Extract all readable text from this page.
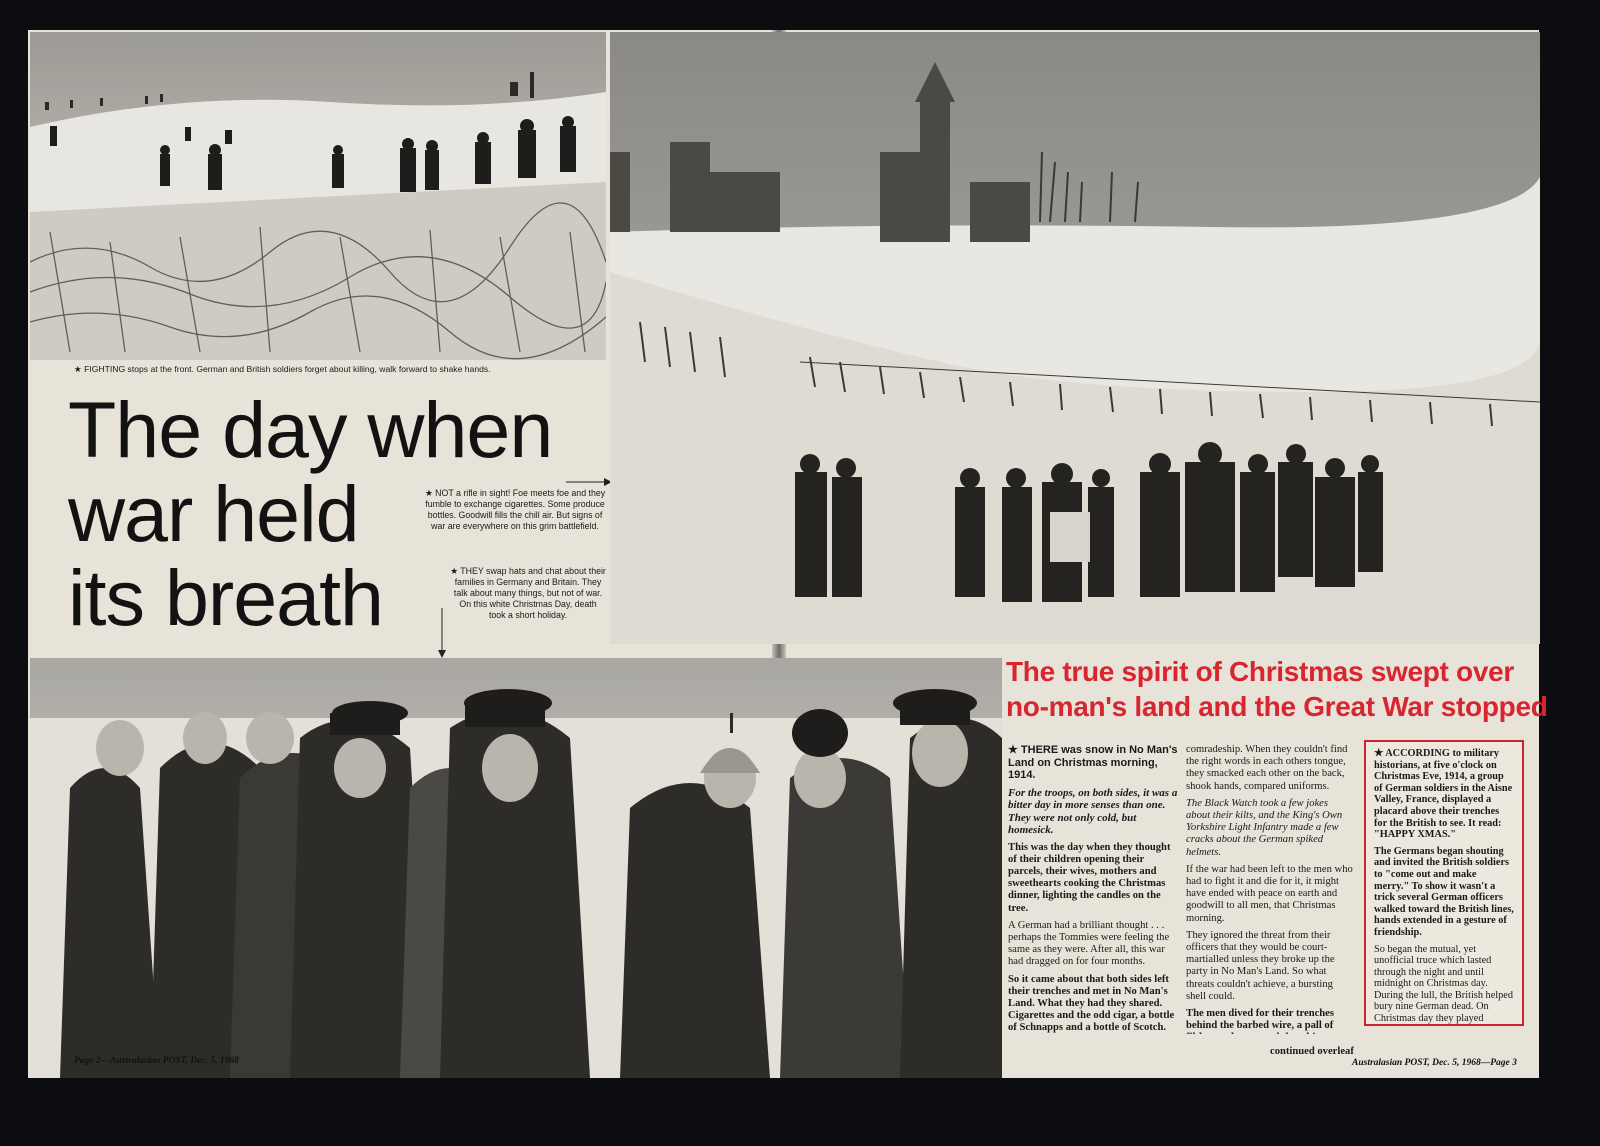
★ FIGHTING stops at the front. German and British soldiers forget about killing, walk forward to shake hands.
The day when
war held
its breath
★ NOT a rifle in sight! Foe meets foe and they fumble to exchange cigarettes. Some produce bottles. Goodwill fills the chill air. But signs of war are everywhere on this grim battlefield.
★ THEY swap hats and chat about their families in Germany and Britain. They talk about many things, but not of war. On this white Christmas Day, death took a short holiday.
The true spirit of Christmas swept over
no-man's land and the Great War stopped

★ THERE was snow in No Man's Land on Christmas morning, 1914.

For the troops, on both sides, it was a bitter day in more senses than one. They were not only cold, but homesick.

This was the day when they thought of their children opening their parcels, their wives, mothers and sweethearts cooking the Christmas dinner, lighting the candles on the tree.

A German had a brilliant thought . . . perhaps the Tommies were feeling the same as they were. After all, this war had dragged on for four months.

So it came about that both sides left their trenches and met in No Man's Land. What they had they shared. Cigarettes and the odd cigar, a bottle of Schnapps and a bottle of Scotch.

comradeship. When they couldn't find the right words in each others tongue, they smacked each other on the back, shook hands, compared uniforms.

The Black Watch took a few jokes about their kilts, and the King's Own Yorkshire Light Infantry made a few cracks about the German spiked helmets.

If the war had been left to the men who had to fight it and die for it, it might have ended with peace on earth and goodwill to all men, that Christmas morning.

They ignored the threat from their officers that they would be court-martialled unless they broke up the party in No Man's Land. So what threats couldn't achieve, a bursting shell could.

The men dived for their trenches behind the barbed wire, a pall of

continued overleaf

★ ACCORDING to military historians, at five o'clock on Christmas Eve, 1914, a group of German soldiers in the Aisne Valley, France, displayed a placard above their trenches for the British to see. It read: "HAPPY XMAS."

The Germans began shouting and invited the British soldiers to "come out and make merry." To show it wasn't a trick several German officers walked toward the British lines, hands extended in a gesture of friendship.

So began the mutual, yet unofficial truce which lasted through the night and until midnight on Christmas day. During the lull, the British helped bury nine German dead. On Christmas day they played

Page 2—Australasian POST, Dec. 5, 1968	Australasian POST, Dec. 5, 1968—Page 3
